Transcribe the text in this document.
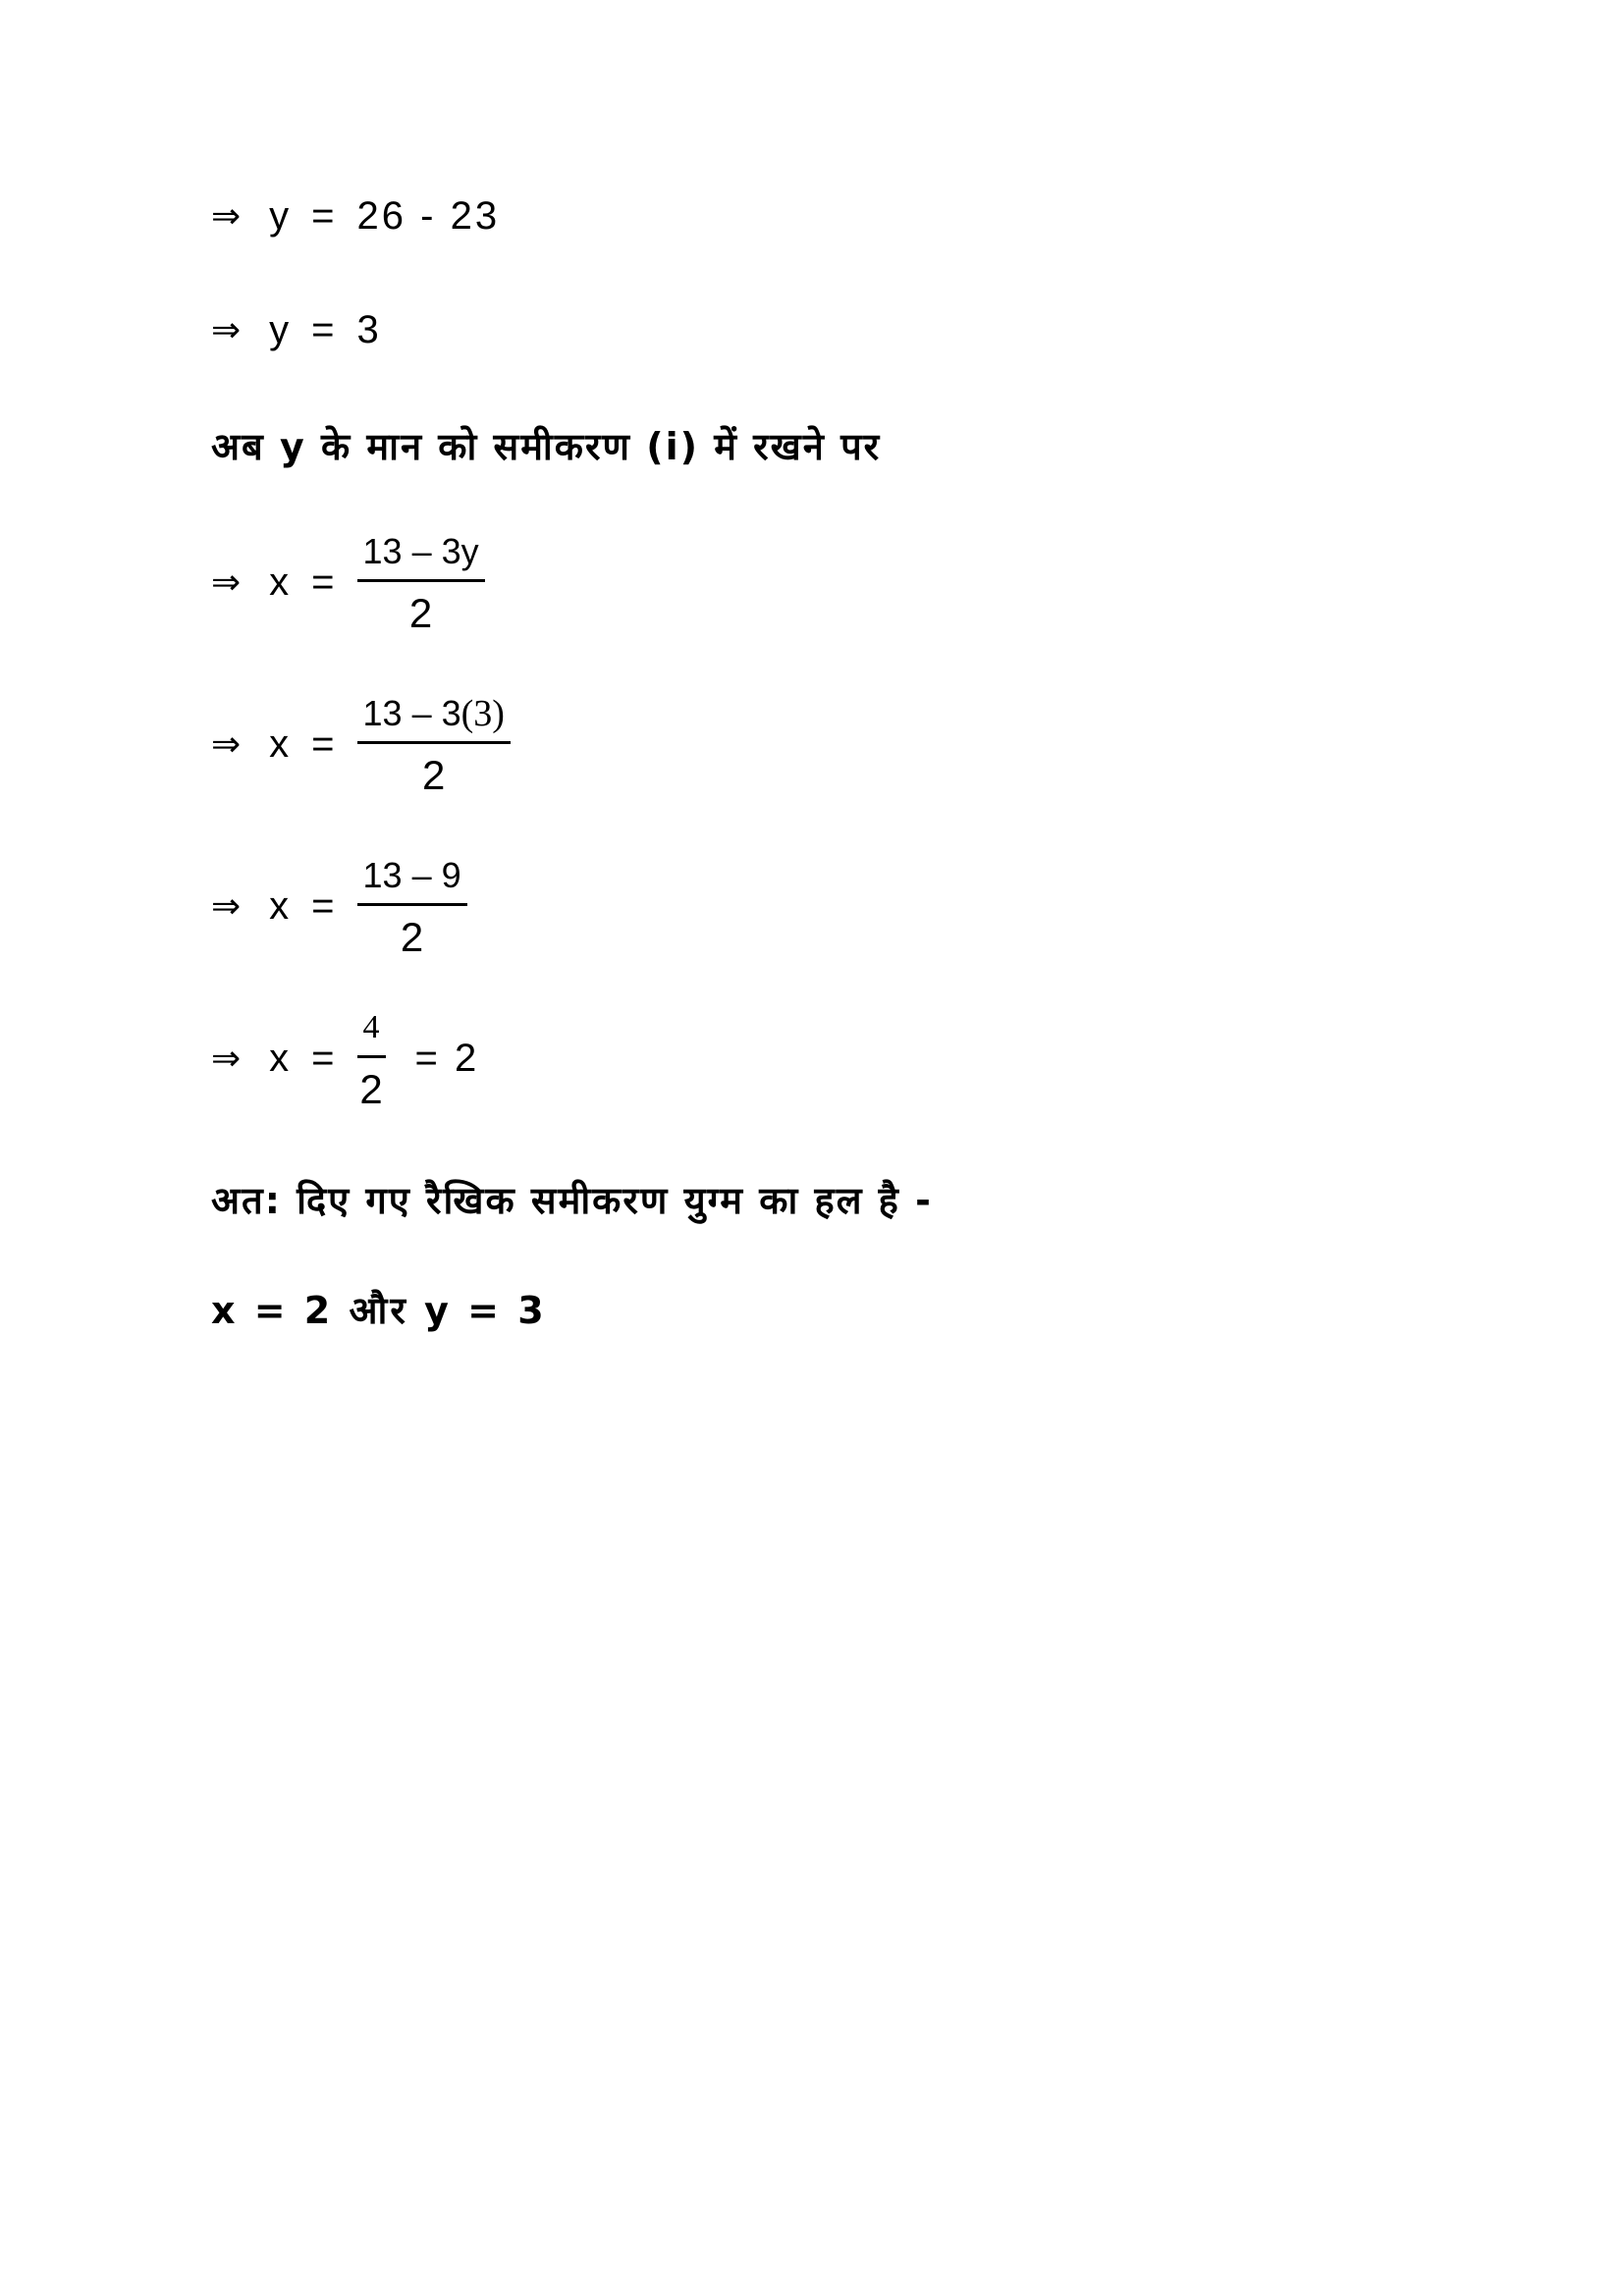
⇒ y = 26 - 23
⇒ y = 3
अब y के मान को समीकरण (i) में रखने पर
⇒ $x = \frac{13 - 3y}{2}$
⇒ $x = \frac{13 - 3(3)}{2}$
⇒ $x = \frac{13 - 9}{2}$
⇒ $x = \frac{4}{2} = 2$
अत: दिए गए रैखिक समीकरण युग्म का हल है -
x = 2 और y = 3
